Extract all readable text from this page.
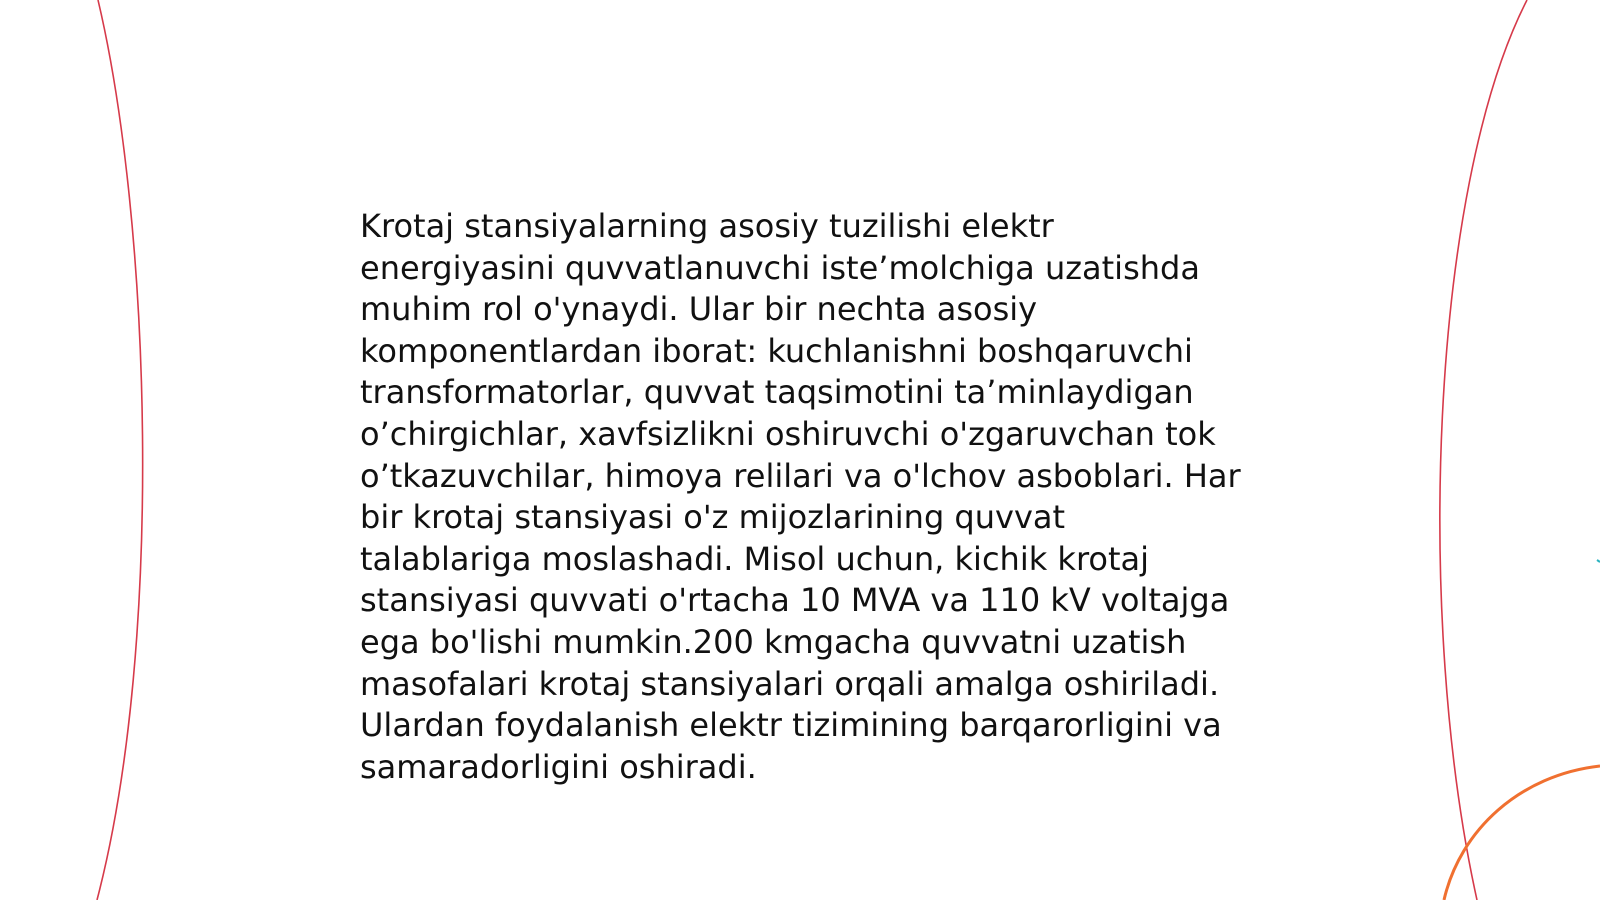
Krotaj stansiyalarning asosiy tuzilishi elektr
energiyasini quvvatlanuvchi iste’molchiga uzatishda
muhim rol o'ynaydi. Ular bir nechta asosiy
komponentlardan iborat: kuchlanishni boshqaruvchi
transformatorlar, quvvat taqsimotini ta’minlaydigan
o’chirgichlar, xavfsizlikni oshiruvchi o'zgaruvchan tok
o’tkazuvchilar, himoya relilari va o'lchov asboblari. Har
bir krotaj stansiyasi o'z mijozlarining quvvat
talablariga moslashadi. Misol uchun, kichik krotaj
stansiyasi quvvati o'rtacha 10 MVA va 110 kV voltajga
ega bo'lishi mumkin.200 kmgacha quvvatni uzatish
masofalari krotaj stansiyalari orqali amalga oshiriladi.
Ulardan foydalanish elektr tizimining barqarorligini va
samaradorligini oshiradi.
